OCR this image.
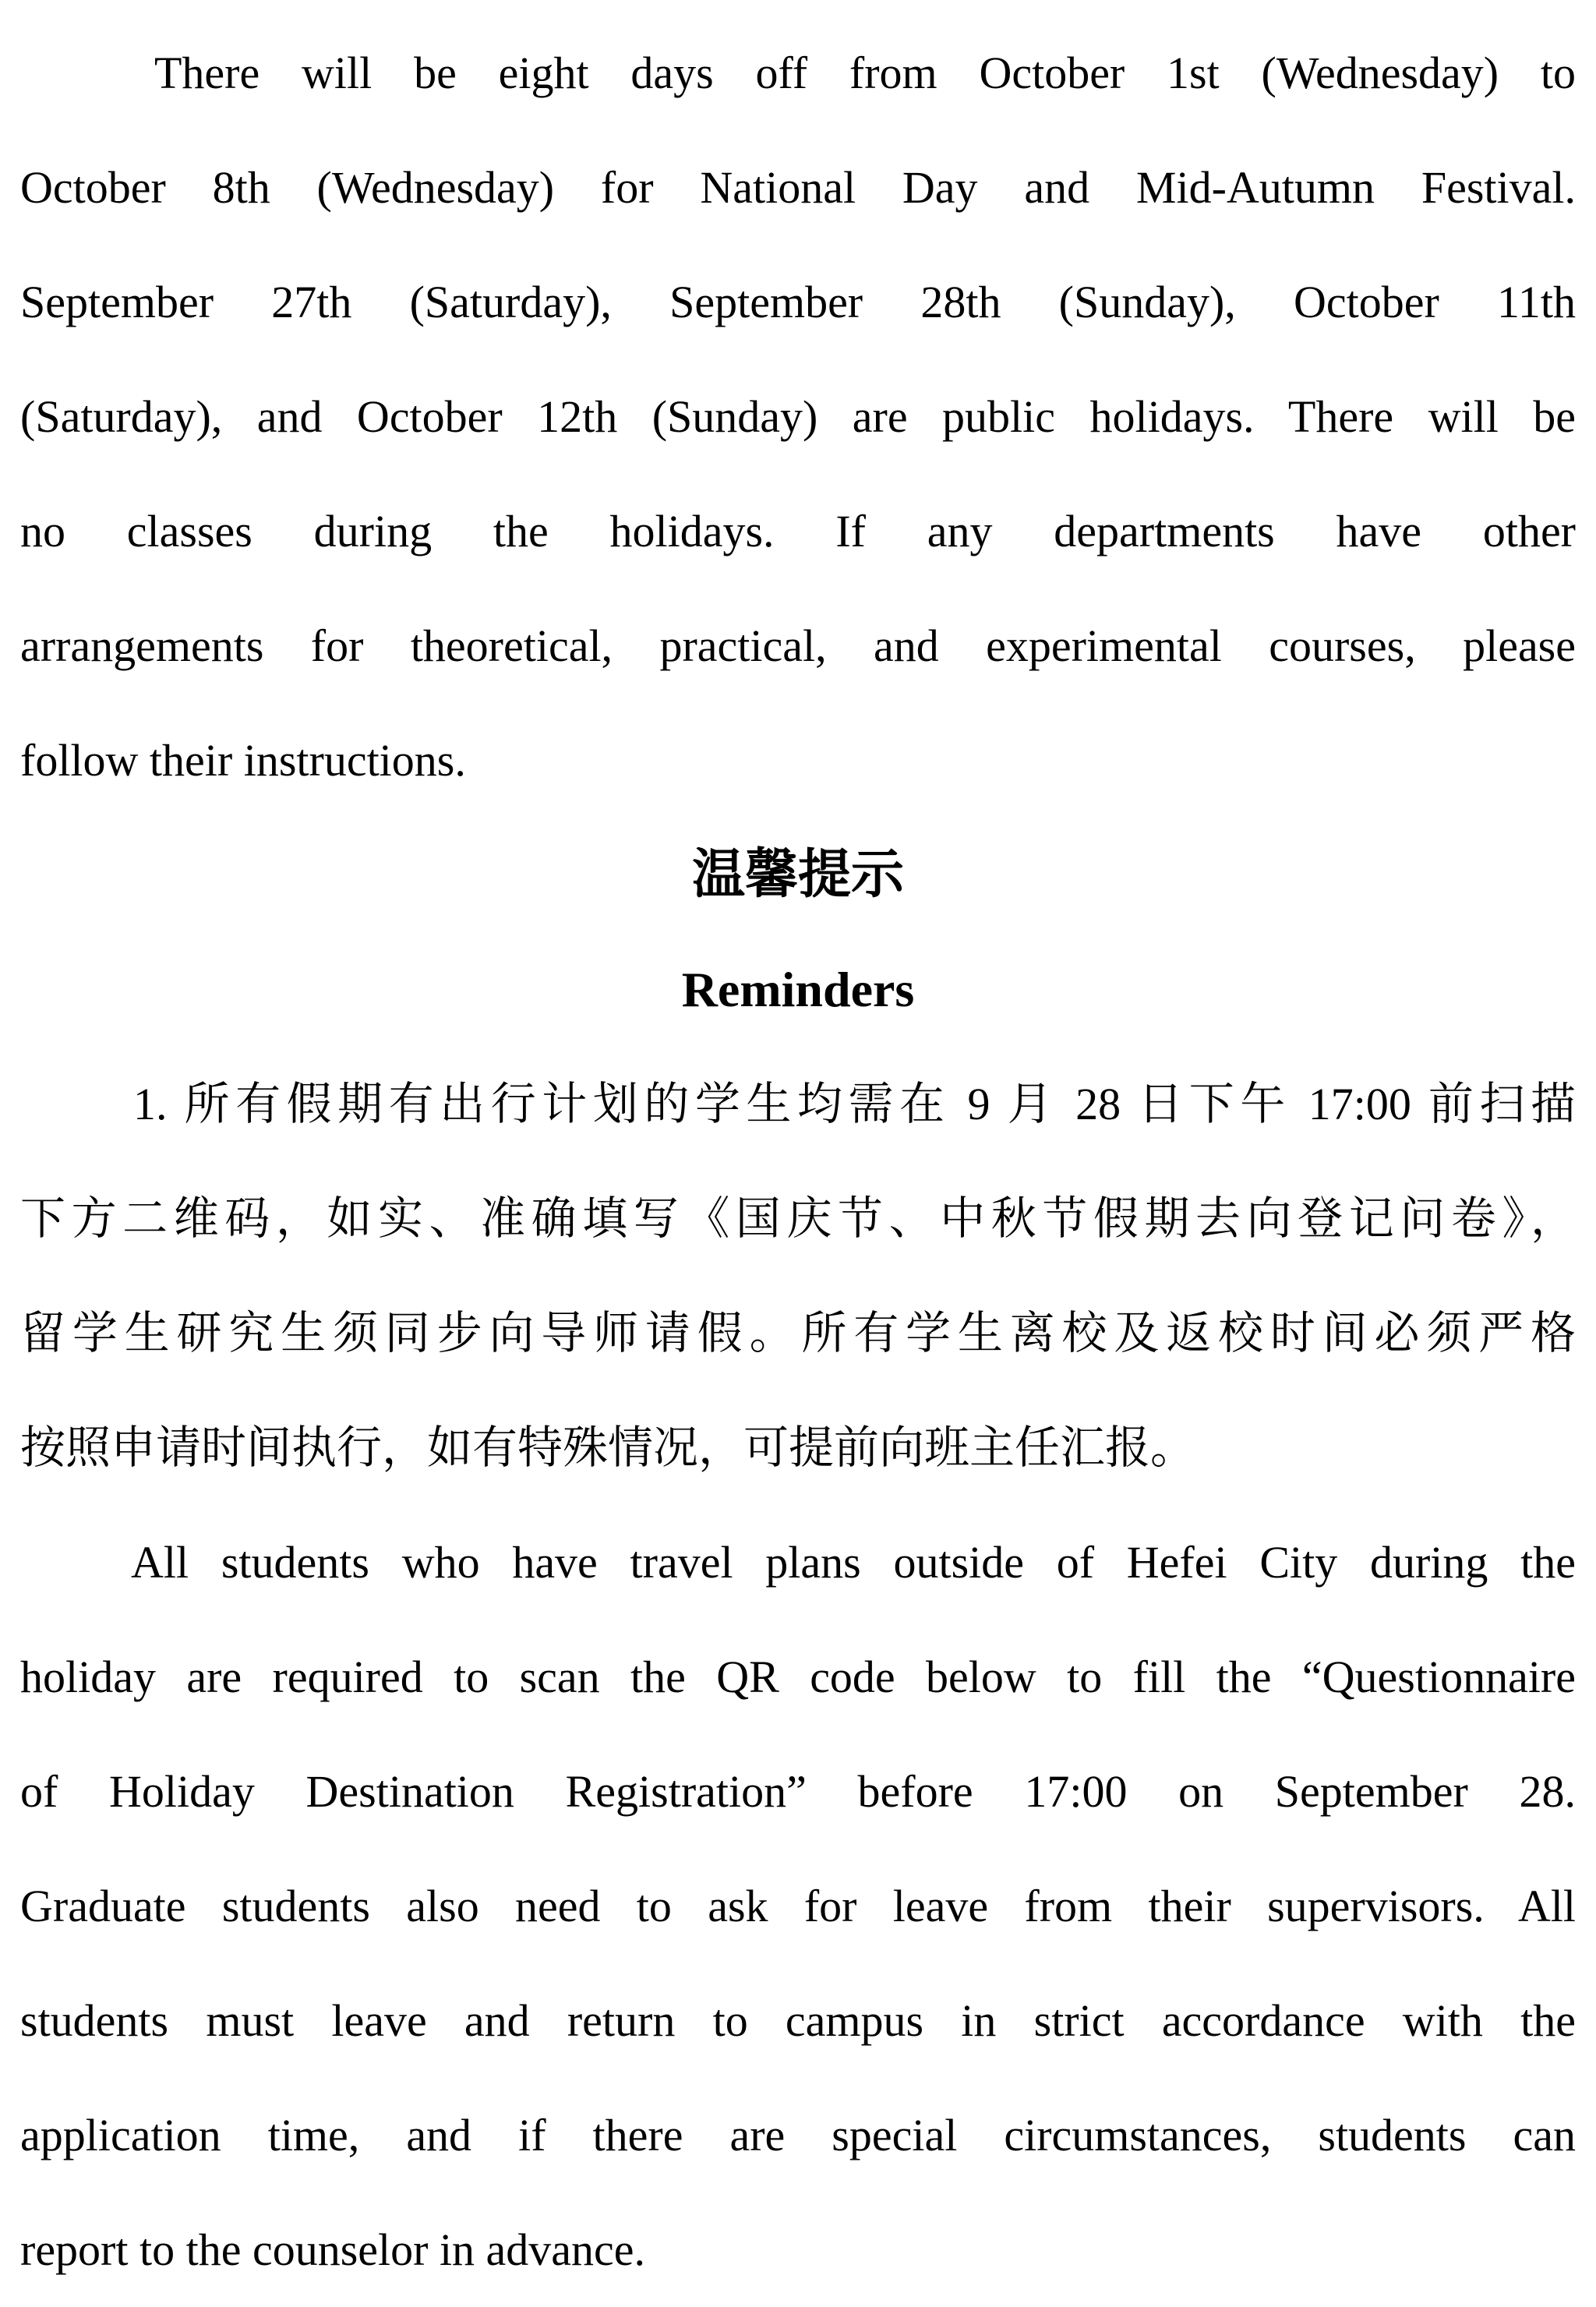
There will be eight days off from October 1st (Wednesday) to
October 8th (Wednesday) for National Day and Mid-Autumn Festival.
September 27th (Saturday), September 28th (Sunday), October 11th
(Saturday), and October 12th (Sunday) are public holidays. There will be
no classes during the holidays. If any departments have other
arrangements for theoretical, practical, and experimental courses, please
follow their instructions.
温馨提示
Reminders
1. 所有假期有出行计划的学生均需在 9 月 28 日下午 17:00 前扫描
下方二维码，如实、准确填写《国庆节、中秋节假期去向登记问卷》，
留学生研究生须同步向导师请假。所有学生离校及返校时间必须严格
按照申请时间执行，如有特殊情况，可提前向班主任汇报。
All students who have travel plans outside of Hefei City during the
holiday are required to scan the QR code below to fill the “Questionnaire
of Holiday Destination Registration” before 17:00 on September 28.
Graduate students also need to ask for leave from their supervisors. All
students must leave and return to campus in strict accordance with the
application time, and if there are special circumstances, students can
report to the counselor in advance.
